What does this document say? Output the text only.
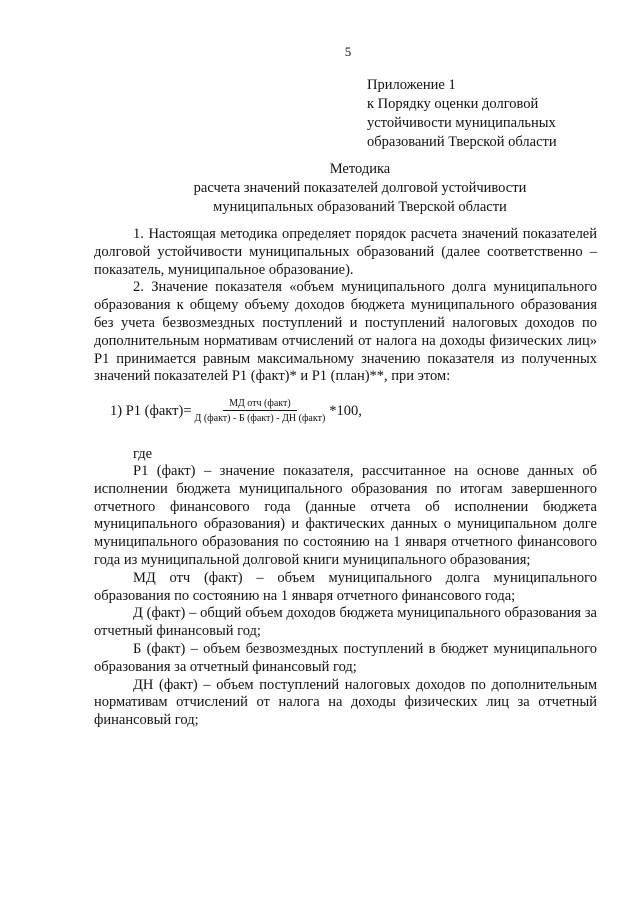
5
Приложение 1
к Порядку оценки долговой
устойчивости муниципальных
образований Тверской области
Методика
расчета значений показателей долговой устойчивости
муниципальных образований Тверской области

1. Настоящая методика определяет порядок расчета значений показателей долговой устойчивости муниципальных образований (далее соответственно – показатель, муниципальное образование).

2. Значение показателя «объем муниципального долга муниципального образования к общему объему доходов бюджета муниципального образования без учета безвозмездных поступлений и поступлений налоговых доходов по дополнительным нормативам отчислений от налога на доходы физических лиц» Р1 принимается равным максимальному значению показателя из полученных значений показателей Р1 (факт)* и Р1 (план)**, при этом:

1) Р1 (факт)= $\frac{\text{МД отч (факт)}}{\text{Д (факт) - Б (факт) - ДН (факт)}} *100$,
где

Р1 (факт) – значение показателя, рассчитанное на основе данных об исполнении бюджета муниципального образования по итогам завершенного отчетного финансового года (данные отчета об исполнении бюджета муниципального образования) и фактических данных о муниципальном долге муниципального образования по состоянию на 1 января отчетного финансового года из муниципальной долговой книги муниципального образования;

МД отч (факт) – объем муниципального долга муниципального образования по состоянию на 1 января отчетного финансового года;

Д (факт) – общий объем доходов бюджета муниципального образования за отчетный финансовый год;

Б (факт) – объем безвозмездных поступлений в бюджет муниципального образования за отчетный финансовый год;

ДН (факт) – объем поступлений налоговых доходов по дополнительным нормативам отчислений от налога на доходы физических лиц за отчетный финансовый год;
